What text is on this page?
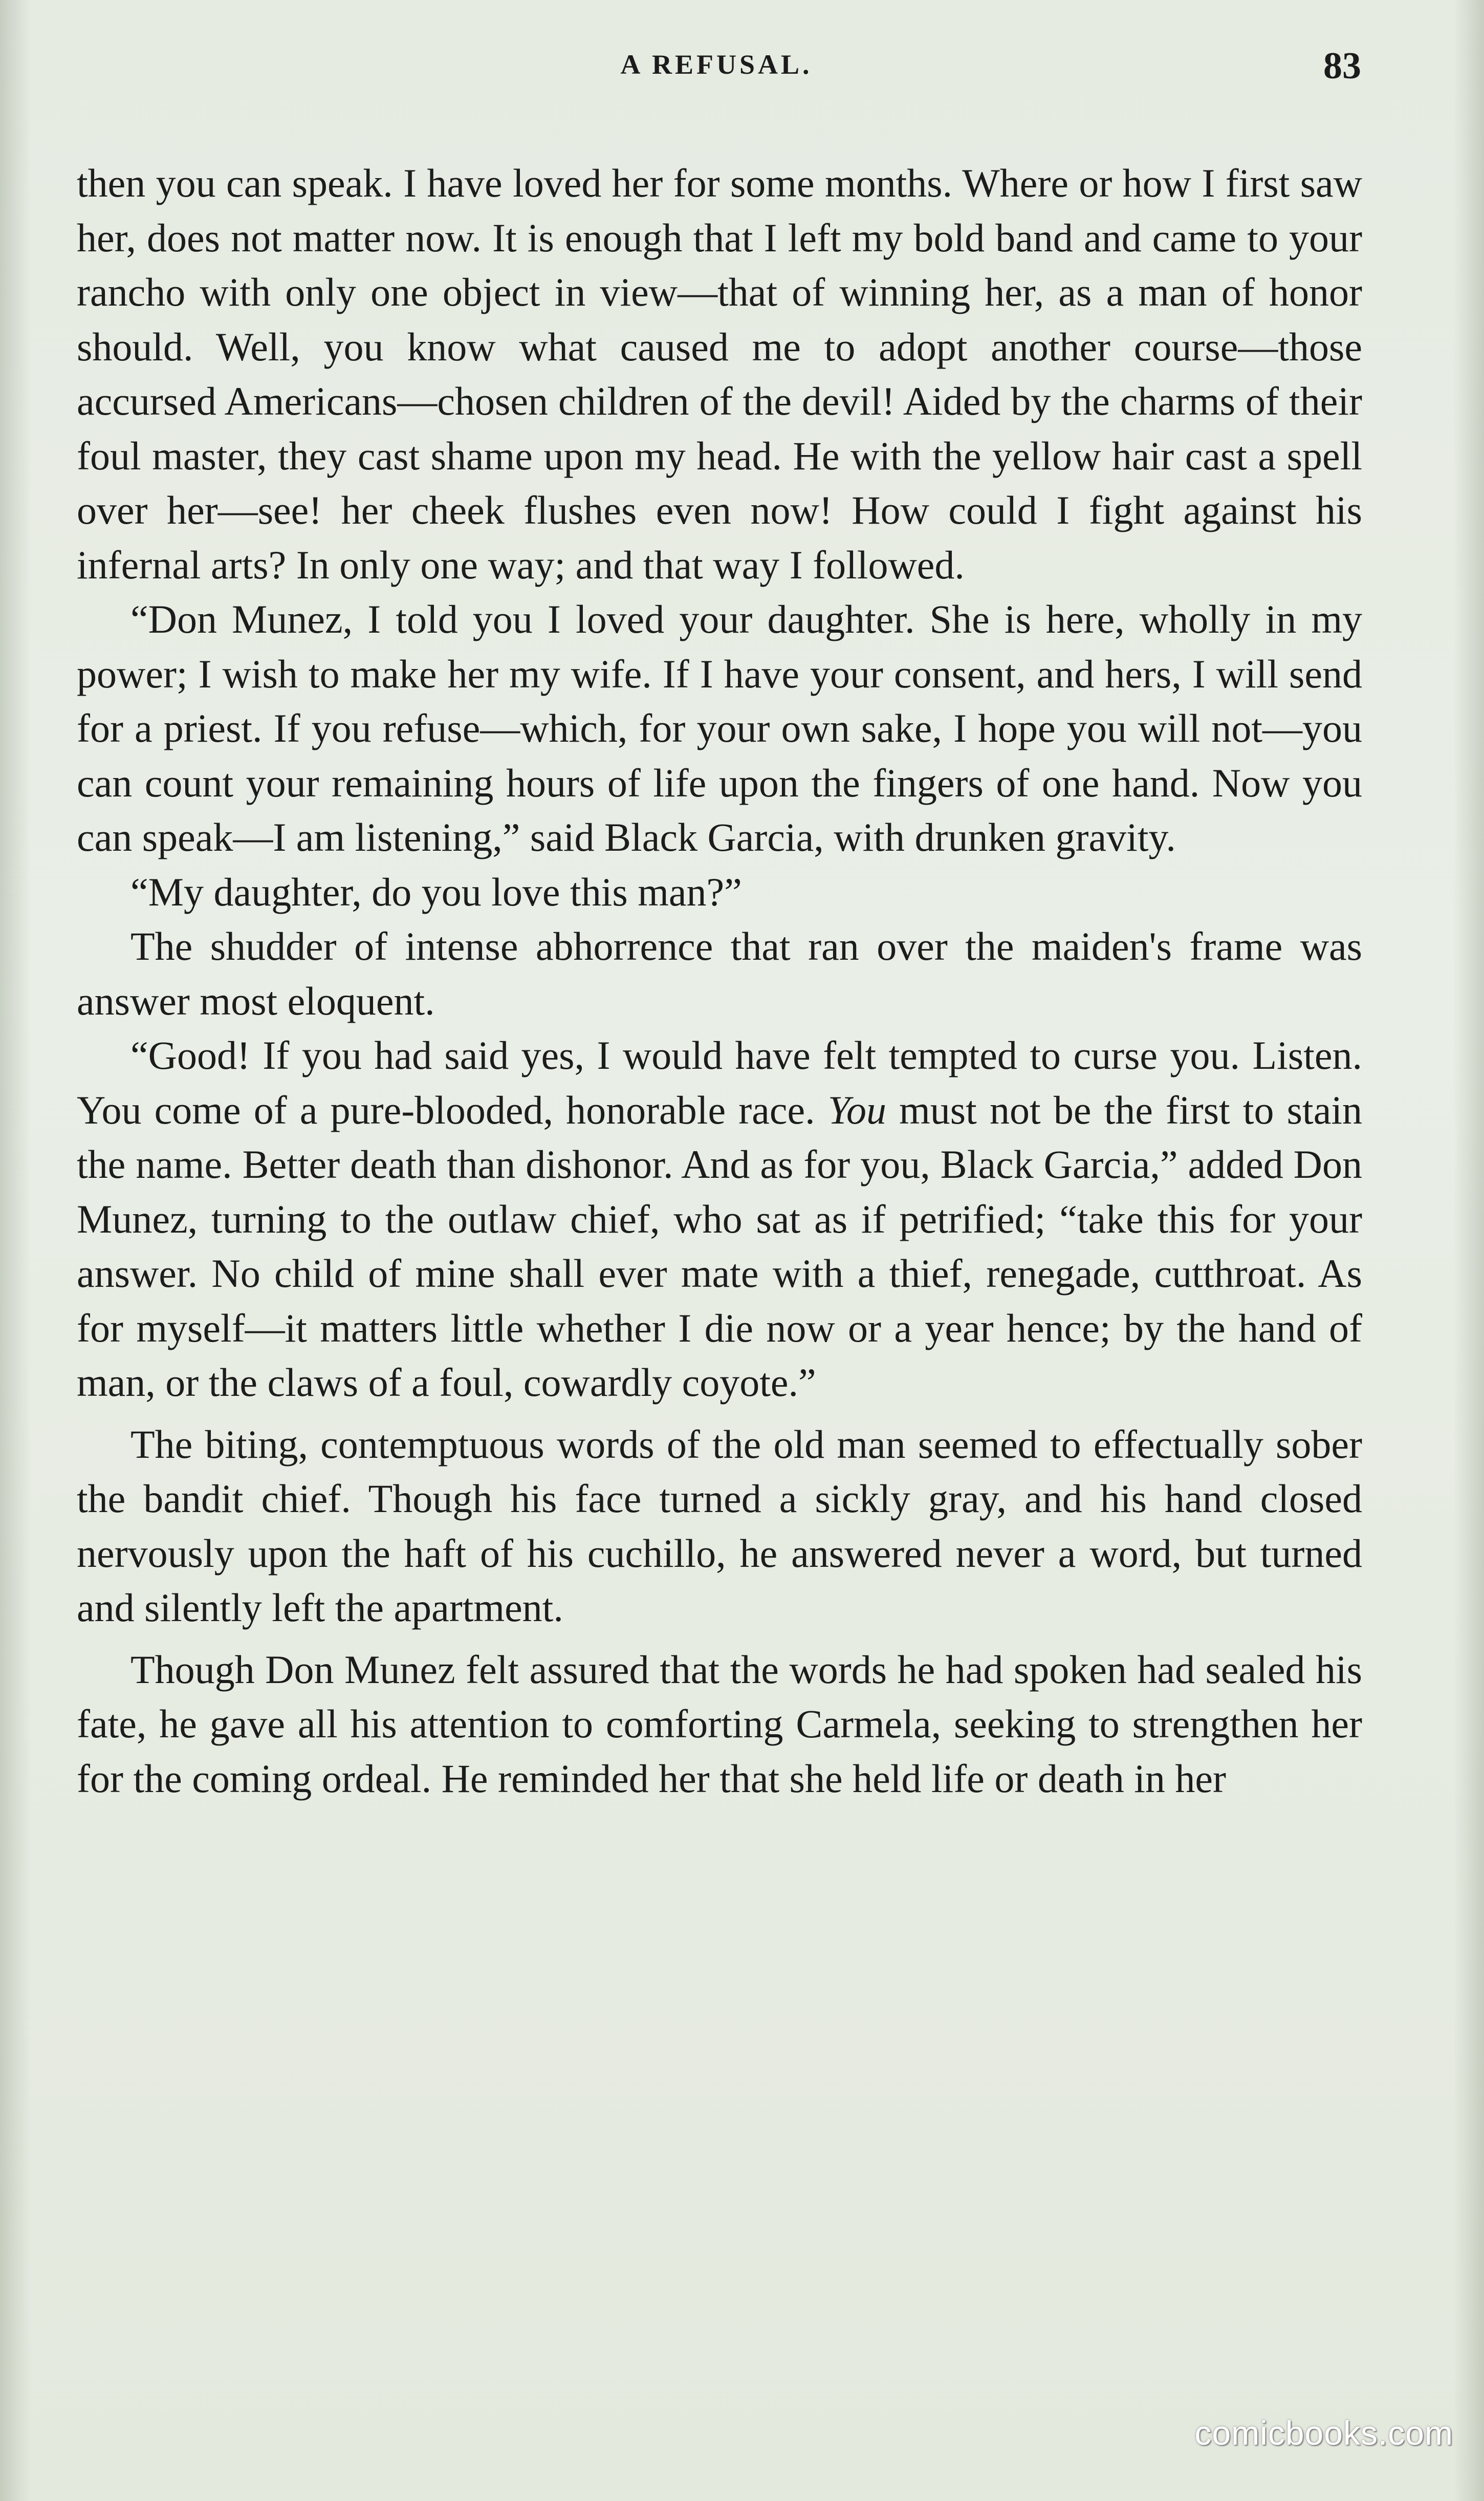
A REFUSAL.	83

then you can speak. I have loved her for some months. Where or how I first saw her, does not matter now. It is enough that I left my bold band and came to your rancho with only one object in view—that of winning her, as a man of honor should. Well, you know what caused me to adopt another course—those accursed Americans—chosen children of the devil! Aided by the charms of their foul master, they cast shame upon my head. He with the yellow hair cast a spell over her—see! her cheek flushes even now! How could I fight against his infernal arts? In only one way; and that way I followed.

“Don Munez, I told you I loved your daughter. She is here, wholly in my power; I wish to make her my wife. If I have your consent, and hers, I will send for a priest. If you refuse—which, for your own sake, I hope you will not—you can count your remaining hours of life upon the fingers of one hand. Now you can speak—I am listening,” said Black Garcia, with drunken gravity.

“My daughter, do you love this man?”

The shudder of intense abhorrence that ran over the maiden's frame was answer most eloquent.

“Good! If you had said yes, I would have felt tempted to curse you. Listen. You come of a pure-blooded, honorable race. You must not be the first to stain the name. Better death than dishonor. And as for you, Black Garcia,” added Don Munez, turning to the outlaw chief, who sat as if petrified; “take this for your answer. No child of mine shall ever mate with a thief, renegade, cutthroat. As for myself—it matters little whether I die now or a year hence; by the hand of man, or the claws of a foul, cowardly coyote.”

The biting, contemptuous words of the old man seemed to effectually sober the bandit chief. Though his face turned a sickly gray, and his hand closed nervously upon the haft of his cuchillo, he answered never a word, but turned and silently left the apartment.

Though Don Munez felt assured that the words he had spoken had sealed his fate, he gave all his attention to comforting Carmela, seeking to strengthen her for the coming ordeal. He reminded her that she held life or death in her

comicbooks.com
